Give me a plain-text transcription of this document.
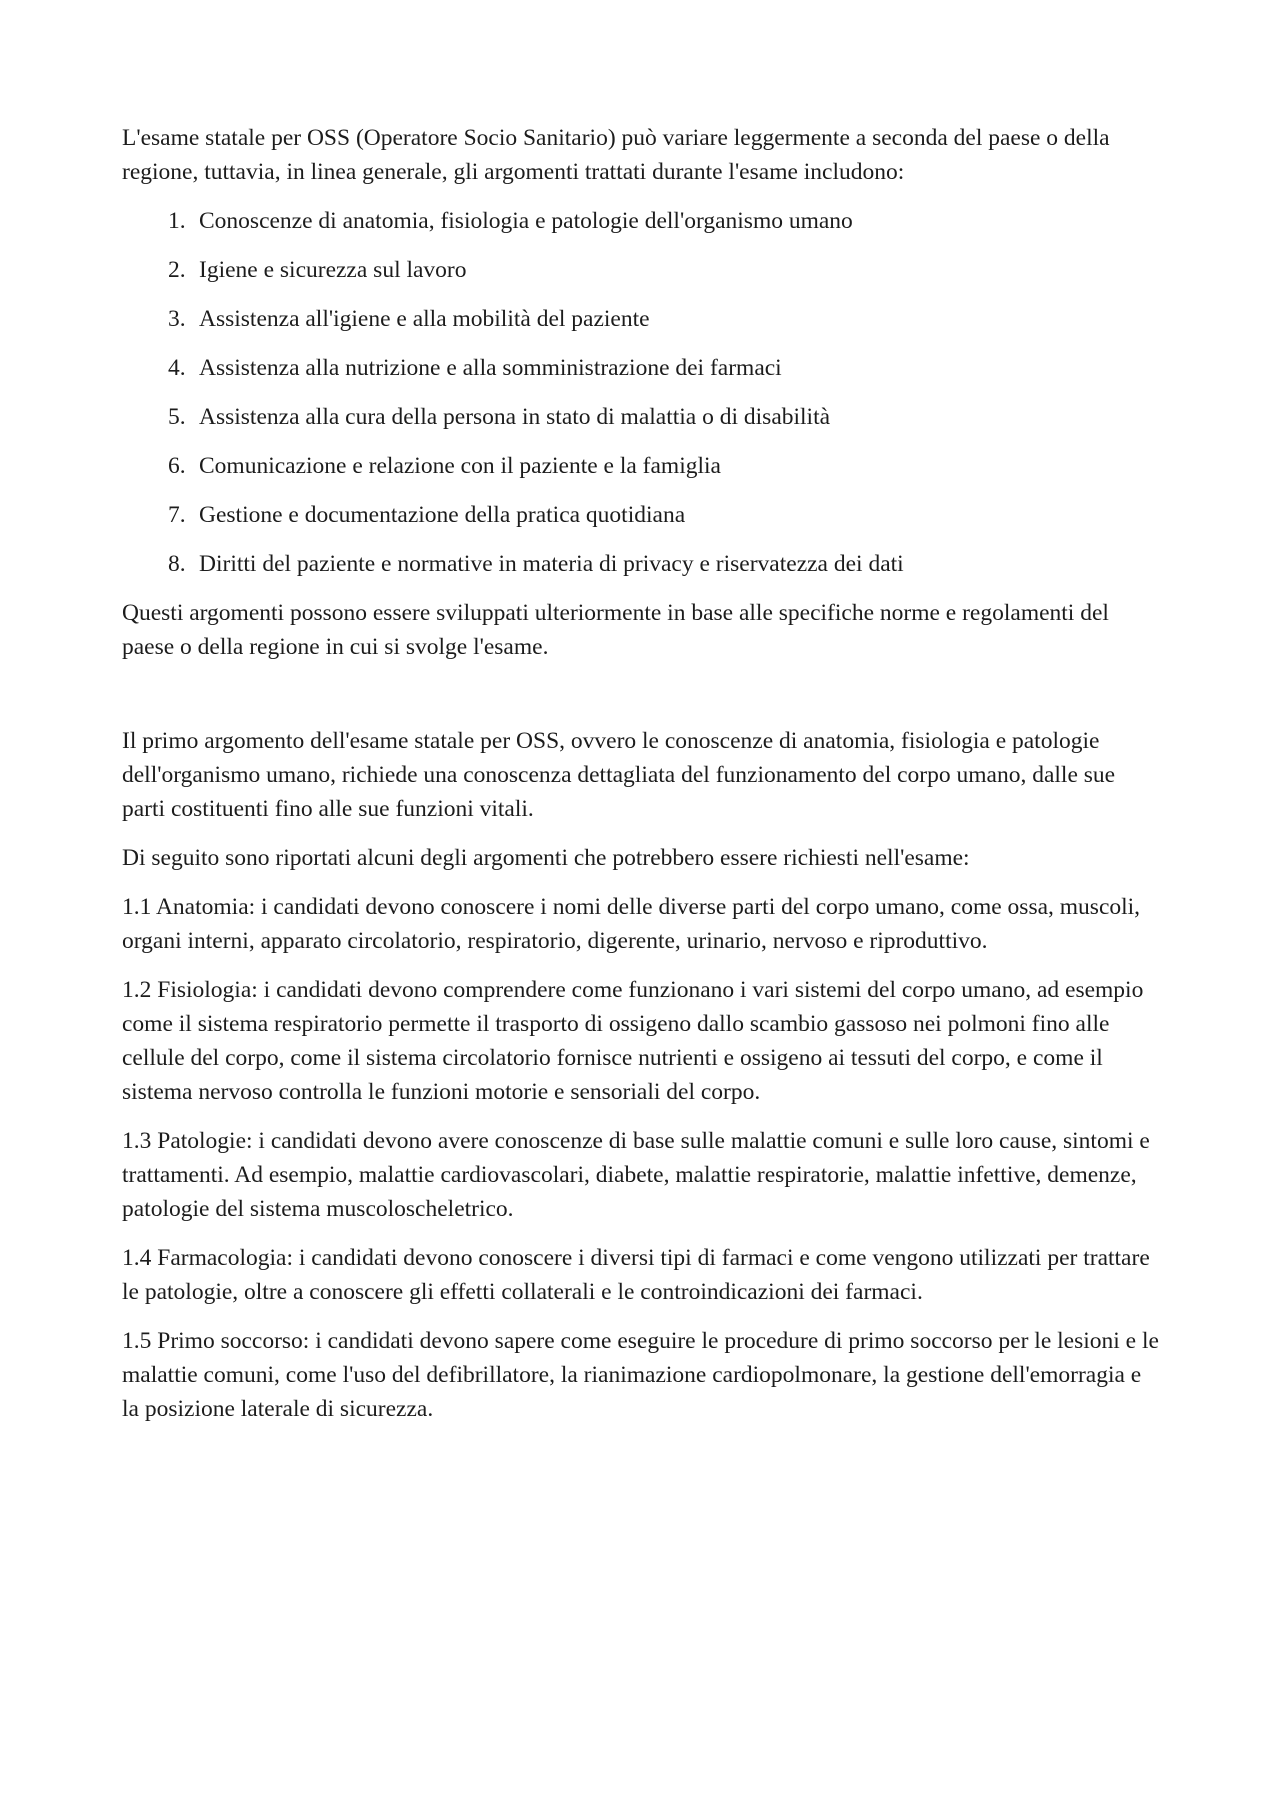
L'esame statale per OSS (Operatore Socio Sanitario) può variare leggermente a seconda del paese o della regione, tuttavia, in linea generale, gli argomenti trattati durante l'esame includono:

1. Conoscenze di anatomia, fisiologia e patologie dell'organismo umano
2. Igiene e sicurezza sul lavoro
3. Assistenza all'igiene e alla mobilità del paziente
4. Assistenza alla nutrizione e alla somministrazione dei farmaci
5. Assistenza alla cura della persona in stato di malattia o di disabilità
6. Comunicazione e relazione con il paziente e la famiglia
7. Gestione e documentazione della pratica quotidiana
8. Diritti del paziente e normative in materia di privacy e riservatezza dei dati

Questi argomenti possono essere sviluppati ulteriormente in base alle specifiche norme e regolamenti del paese o della regione in cui si svolge l'esame.

Il primo argomento dell'esame statale per OSS, ovvero le conoscenze di anatomia, fisiologia e patologie dell'organismo umano, richiede una conoscenza dettagliata del funzionamento del corpo umano, dalle sue parti costituenti fino alle sue funzioni vitali.

Di seguito sono riportati alcuni degli argomenti che potrebbero essere richiesti nell'esame:

1.1 Anatomia: i candidati devono conoscere i nomi delle diverse parti del corpo umano, come ossa, muscoli, organi interni, apparato circolatorio, respiratorio, digerente, urinario, nervoso e riproduttivo.

1.2 Fisiologia: i candidati devono comprendere come funzionano i vari sistemi del corpo umano, ad esempio come il sistema respiratorio permette il trasporto di ossigeno dallo scambio gassoso nei polmoni fino alle cellule del corpo, come il sistema circolatorio fornisce nutrienti e ossigeno ai tessuti del corpo, e come il sistema nervoso controlla le funzioni motorie e sensoriali del corpo.

1.3 Patologie: i candidati devono avere conoscenze di base sulle malattie comuni e sulle loro cause, sintomi e trattamenti. Ad esempio, malattie cardiovascolari, diabete, malattie respiratorie, malattie infettive, demenze, patologie del sistema muscoloscheletrico.

1.4 Farmacologia: i candidati devono conoscere i diversi tipi di farmaci e come vengono utilizzati per trattare le patologie, oltre a conoscere gli effetti collaterali e le controindicazioni dei farmaci.

1.5 Primo soccorso: i candidati devono sapere come eseguire le procedure di primo soccorso per le lesioni e le malattie comuni, come l'uso del defibrillatore, la rianimazione cardiopolmonare, la gestione dell'emorragia e la posizione laterale di sicurezza.
